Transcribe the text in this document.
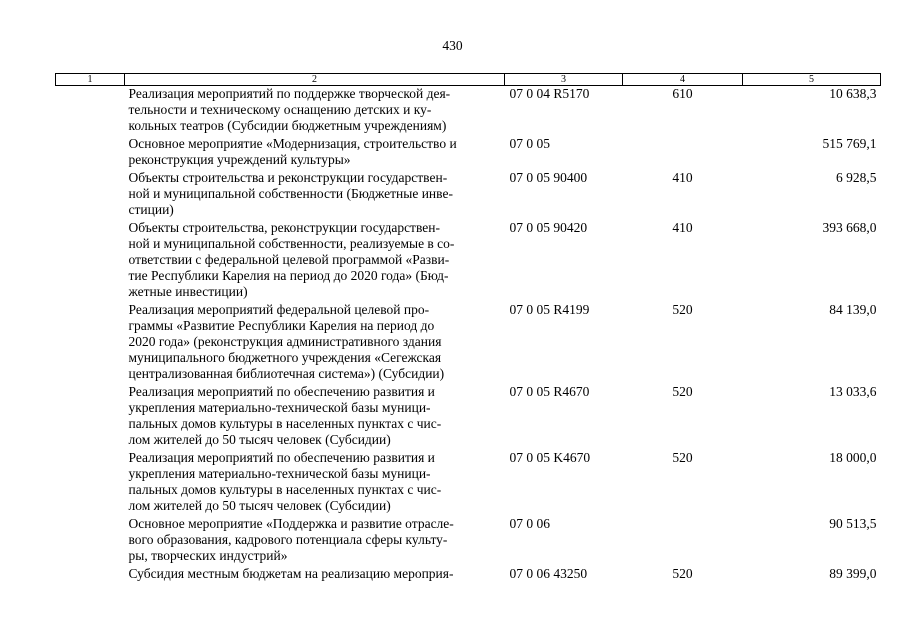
430
1	2	3	4	5

	Реализация мероприятий по поддержке творческой дея-
тельности и техническому оснащению детских и ку-
кольных театров (Субсидии бюджетным учреждениям)	07 0 04 R5170	610	10 638,3

	Основное мероприятие «Модернизация, строительство и
реконструкция учреждений культуры»	07 0 05		515 769,1

	Объекты строительства и реконструкции государствен-
ной и муниципальной собственности (Бюджетные инве-
стиции)	07 0 05 90400	410	6 928,5

	Объекты строительства, реконструкции государствен-
ной и муниципальной собственности, реализуемые в со-
ответствии с федеральной целевой программой «Разви-
тие Республики Карелия на период до 2020 года» (Бюд-
жетные инвестиции)	07 0 05 90420	410	393 668,0

	Реализация мероприятий федеральной целевой про-
граммы «Развитие Республики Карелия на период до
2020 года» (реконструкция административного здания
муниципального бюджетного учреждения «Сегежская
централизованная библиотечная система») (Субсидии)	07 0 05 R4199	520	84 139,0

	Реализация мероприятий по обеспечению развития и
укрепления материально-технической базы муници-
пальных домов культуры в населенных пунктах с чис-
лом жителей до 50 тысяч человек (Субсидии)	07 0 05 R4670	520	13 033,6

	Реализация мероприятий по обеспечению развития и
укрепления материально-технической базы муници-
пальных домов культуры в населенных пунктах с чис-
лом жителей до 50 тысяч человек (Субсидии)	07 0 05 K4670	520	18 000,0

	Основное мероприятие «Поддержка и развитие отрасле-
вого образования, кадрового потенциала сферы культу-
ры, творческих индустрий»	07 0 06		90 513,5

	Субсидия местным бюджетам на реализацию мероприя-	07 0 06 43250	520	89 399,0
